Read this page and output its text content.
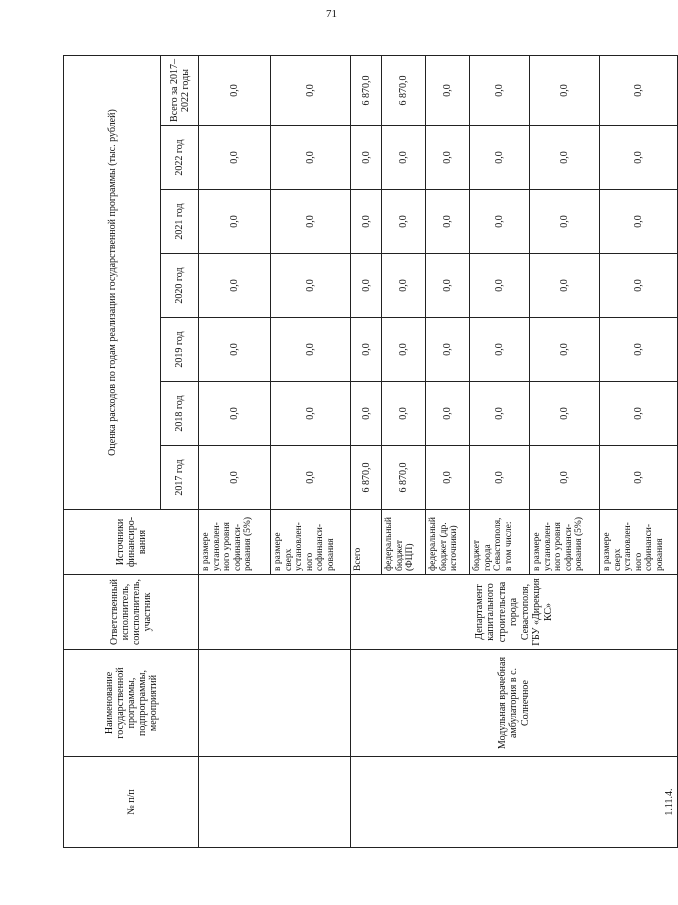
71
№ п/п	Наименование государственной программы, подпрограммы, мероприятий	Ответственный исполнитель, соисполнитель, участник	Источники финансиро-вания	Оценка расходов по годам реализации государственной программы (тыс. рублей)						
				2017 год	2018 год	2019 год	2020 год	2021 год	2022 год	Всего за 2017–2022 годы
			в размере установлен-ного уровня софинанси-рования (5%)	0,0	0,0	0,0	0,0	0,0	0,0	0,0
			в размере сверх установлен-ного софинанси-рования	0,0	0,0	0,0	0,0	0,0	0,0	0,0
1.11.4.	Модульная врачебная амбулатория в с. Солнечное	Департамент капитального строительства города Севастополя, ГБУ «Дирекция КС»	Всего	6 870,0	0,0	0,0	0,0	0,0	0,0	6 870,0
			федеральный бюджет (ФЦП)	6 870,0	0,0	0,0	0,0	0,0	0,0	6 870,0
			федеральный бюджет (др. источники)	0,0	0,0	0,0	0,0	0,0	0,0	0,0
			бюджет города Севастополя, в том числе:	0,0	0,0	0,0	0,0	0,0	0,0	0,0
			в размере установлен-ного уровня софинанси-рования (5%)	0,0	0,0	0,0	0,0	0,0	0,0	0,0
			в размере сверх установлен-ного софинанси-рования	0,0	0,0	0,0	0,0	0,0	0,0	0,0
